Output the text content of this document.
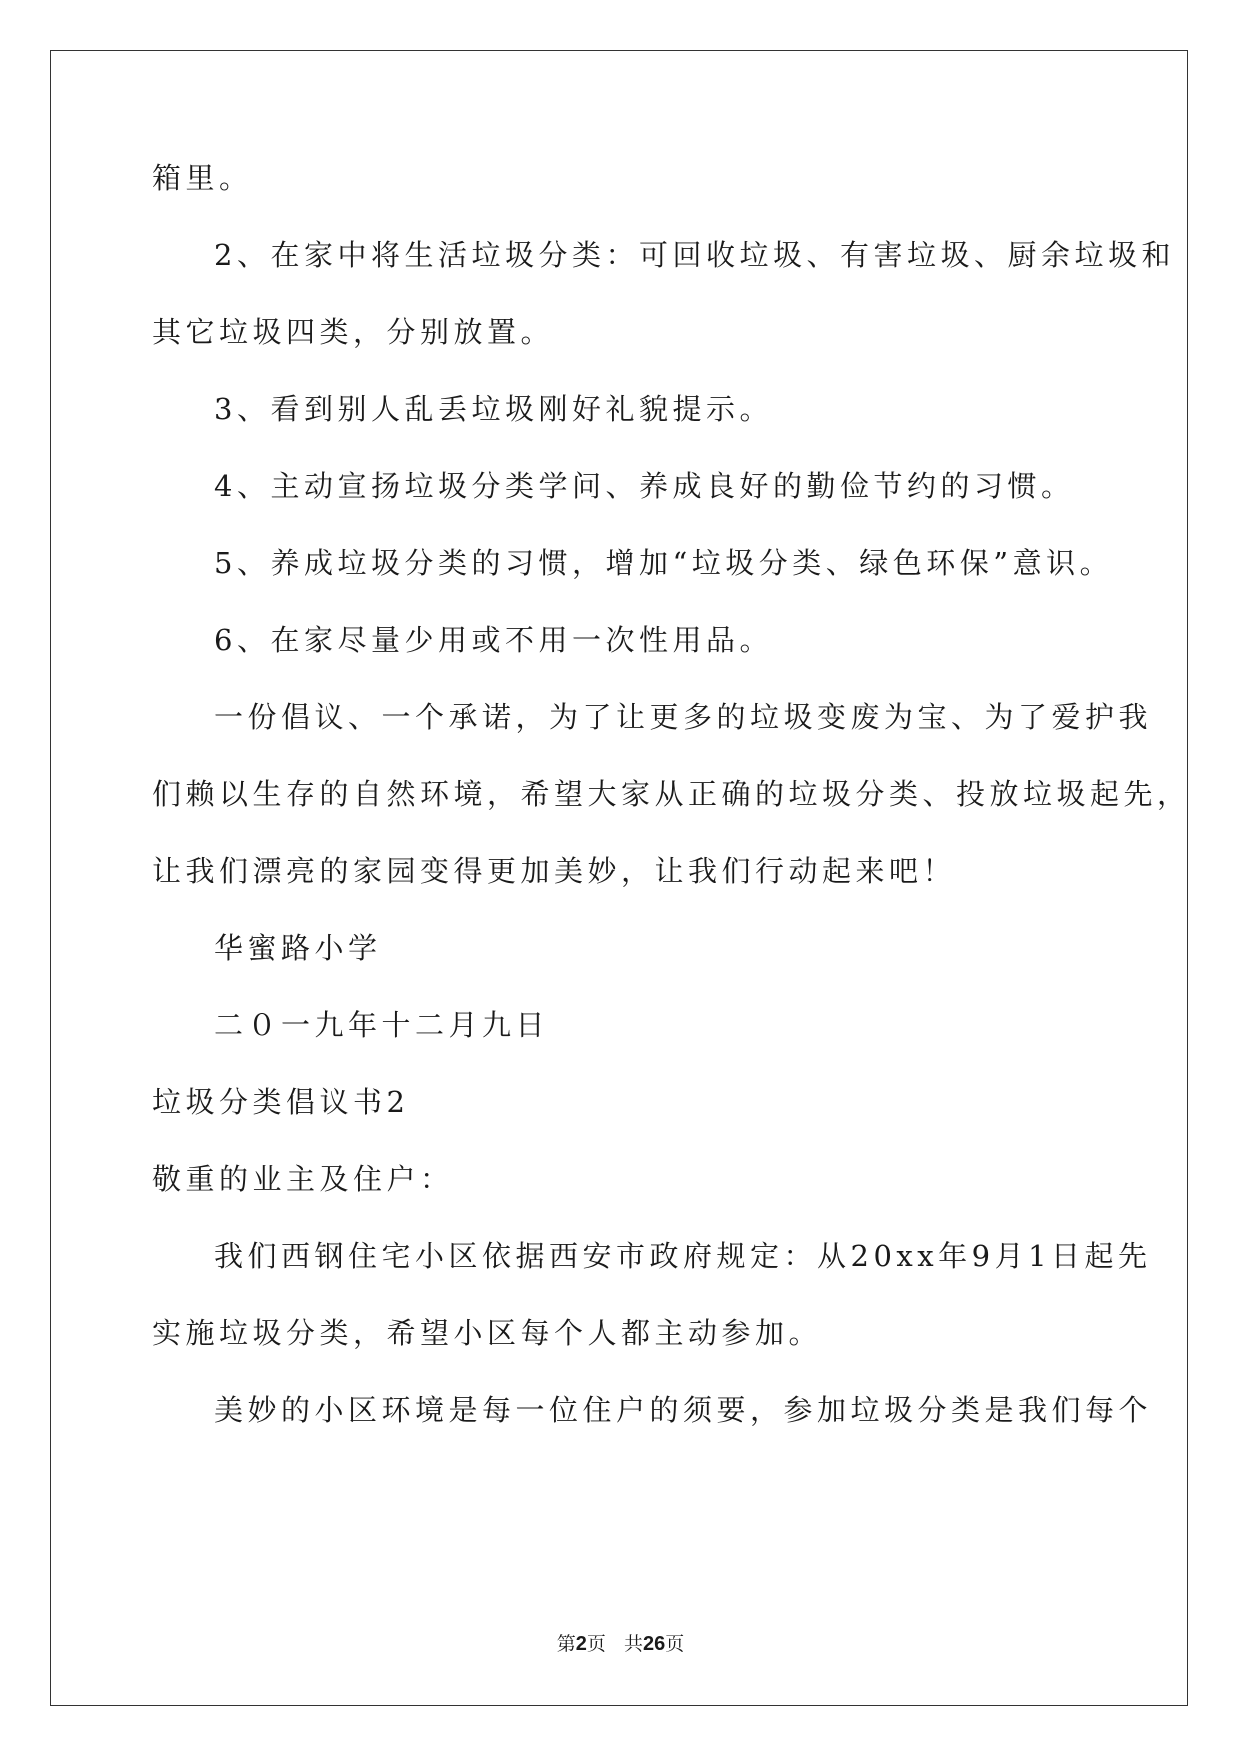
箱里。
2、在家中将生活垃圾分类：可回收垃圾、有害垃圾、厨余垃圾和
其它垃圾四类，分别放置。
3、看到别人乱丢垃圾刚好礼貌提示。
4、主动宣扬垃圾分类学问、养成良好的勤俭节约的习惯。
5、养成垃圾分类的习惯，增加“垃圾分类、绿色环保”意识。
6、在家尽量少用或不用一次性用品。
一份倡议、一个承诺，为了让更多的垃圾变废为宝、为了爱护我
们赖以生存的自然环境，希望大家从正确的垃圾分类、投放垃圾起先，
让我们漂亮的家园变得更加美妙，让我们行动起来吧！
华蜜路小学
二０一九年十二月九日
垃圾分类倡议书2
敬重的业主及住户：
我们西钢住宅小区依据西安市政府规定：从20xx年9月1日起先
实施垃圾分类，希望小区每个人都主动参加。
美妙的小区环境是每一位住户的须要，参加垃圾分类是我们每个
第2页 共26页
